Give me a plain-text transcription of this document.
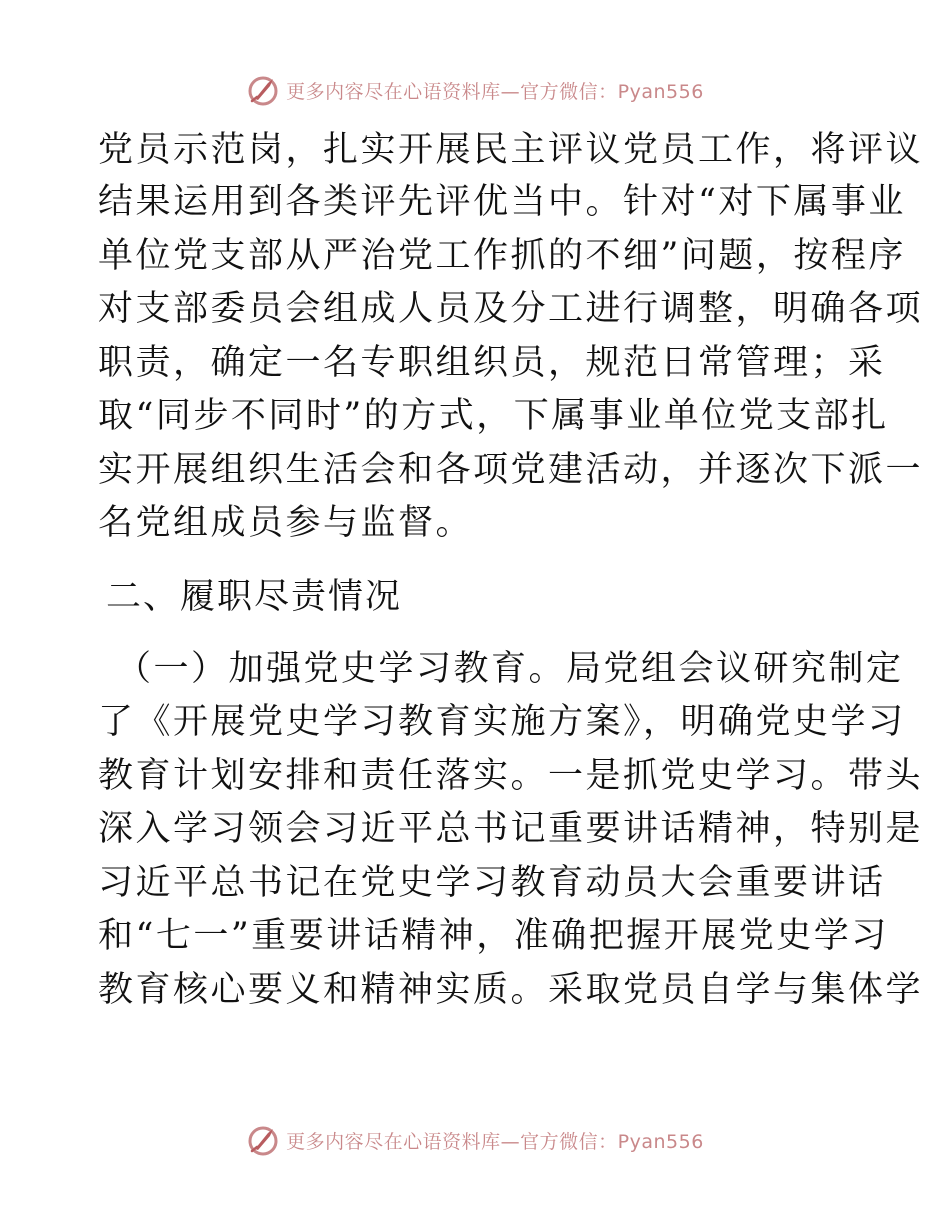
更多内容尽在心语资料库—官方微信：Pyan556
党员示范岗，扎实开展民主评议党员工作，将评议
结果运用到各类评先评优当中。针对“对下属事业
单位党支部从严治党工作抓的不细”问题，按程序
对支部委员会组成人员及分工进行调整，明确各项
职责，确定一名专职组织员，规范日常管理；采
取“同步不同时”的方式，下属事业单位党支部扎
实开展组织生活会和各项党建活动，并逐次下派一
名党组成员参与监督。
二、履职尽责情况
（一）加强党史学习教育。局党组会议研究制定
了《开展党史学习教育实施方案》，明确党史学习
教育计划安排和责任落实。一是抓党史学习。带头
深入学习领会习近平总书记重要讲话精神，特别是
习近平总书记在党史学习教育动员大会重要讲话
和“七一”重要讲话精神，准确把握开展党史学习
教育核心要义和精神实质。采取党员自学与集体学
更多内容尽在心语资料库—官方微信：Pyan556
